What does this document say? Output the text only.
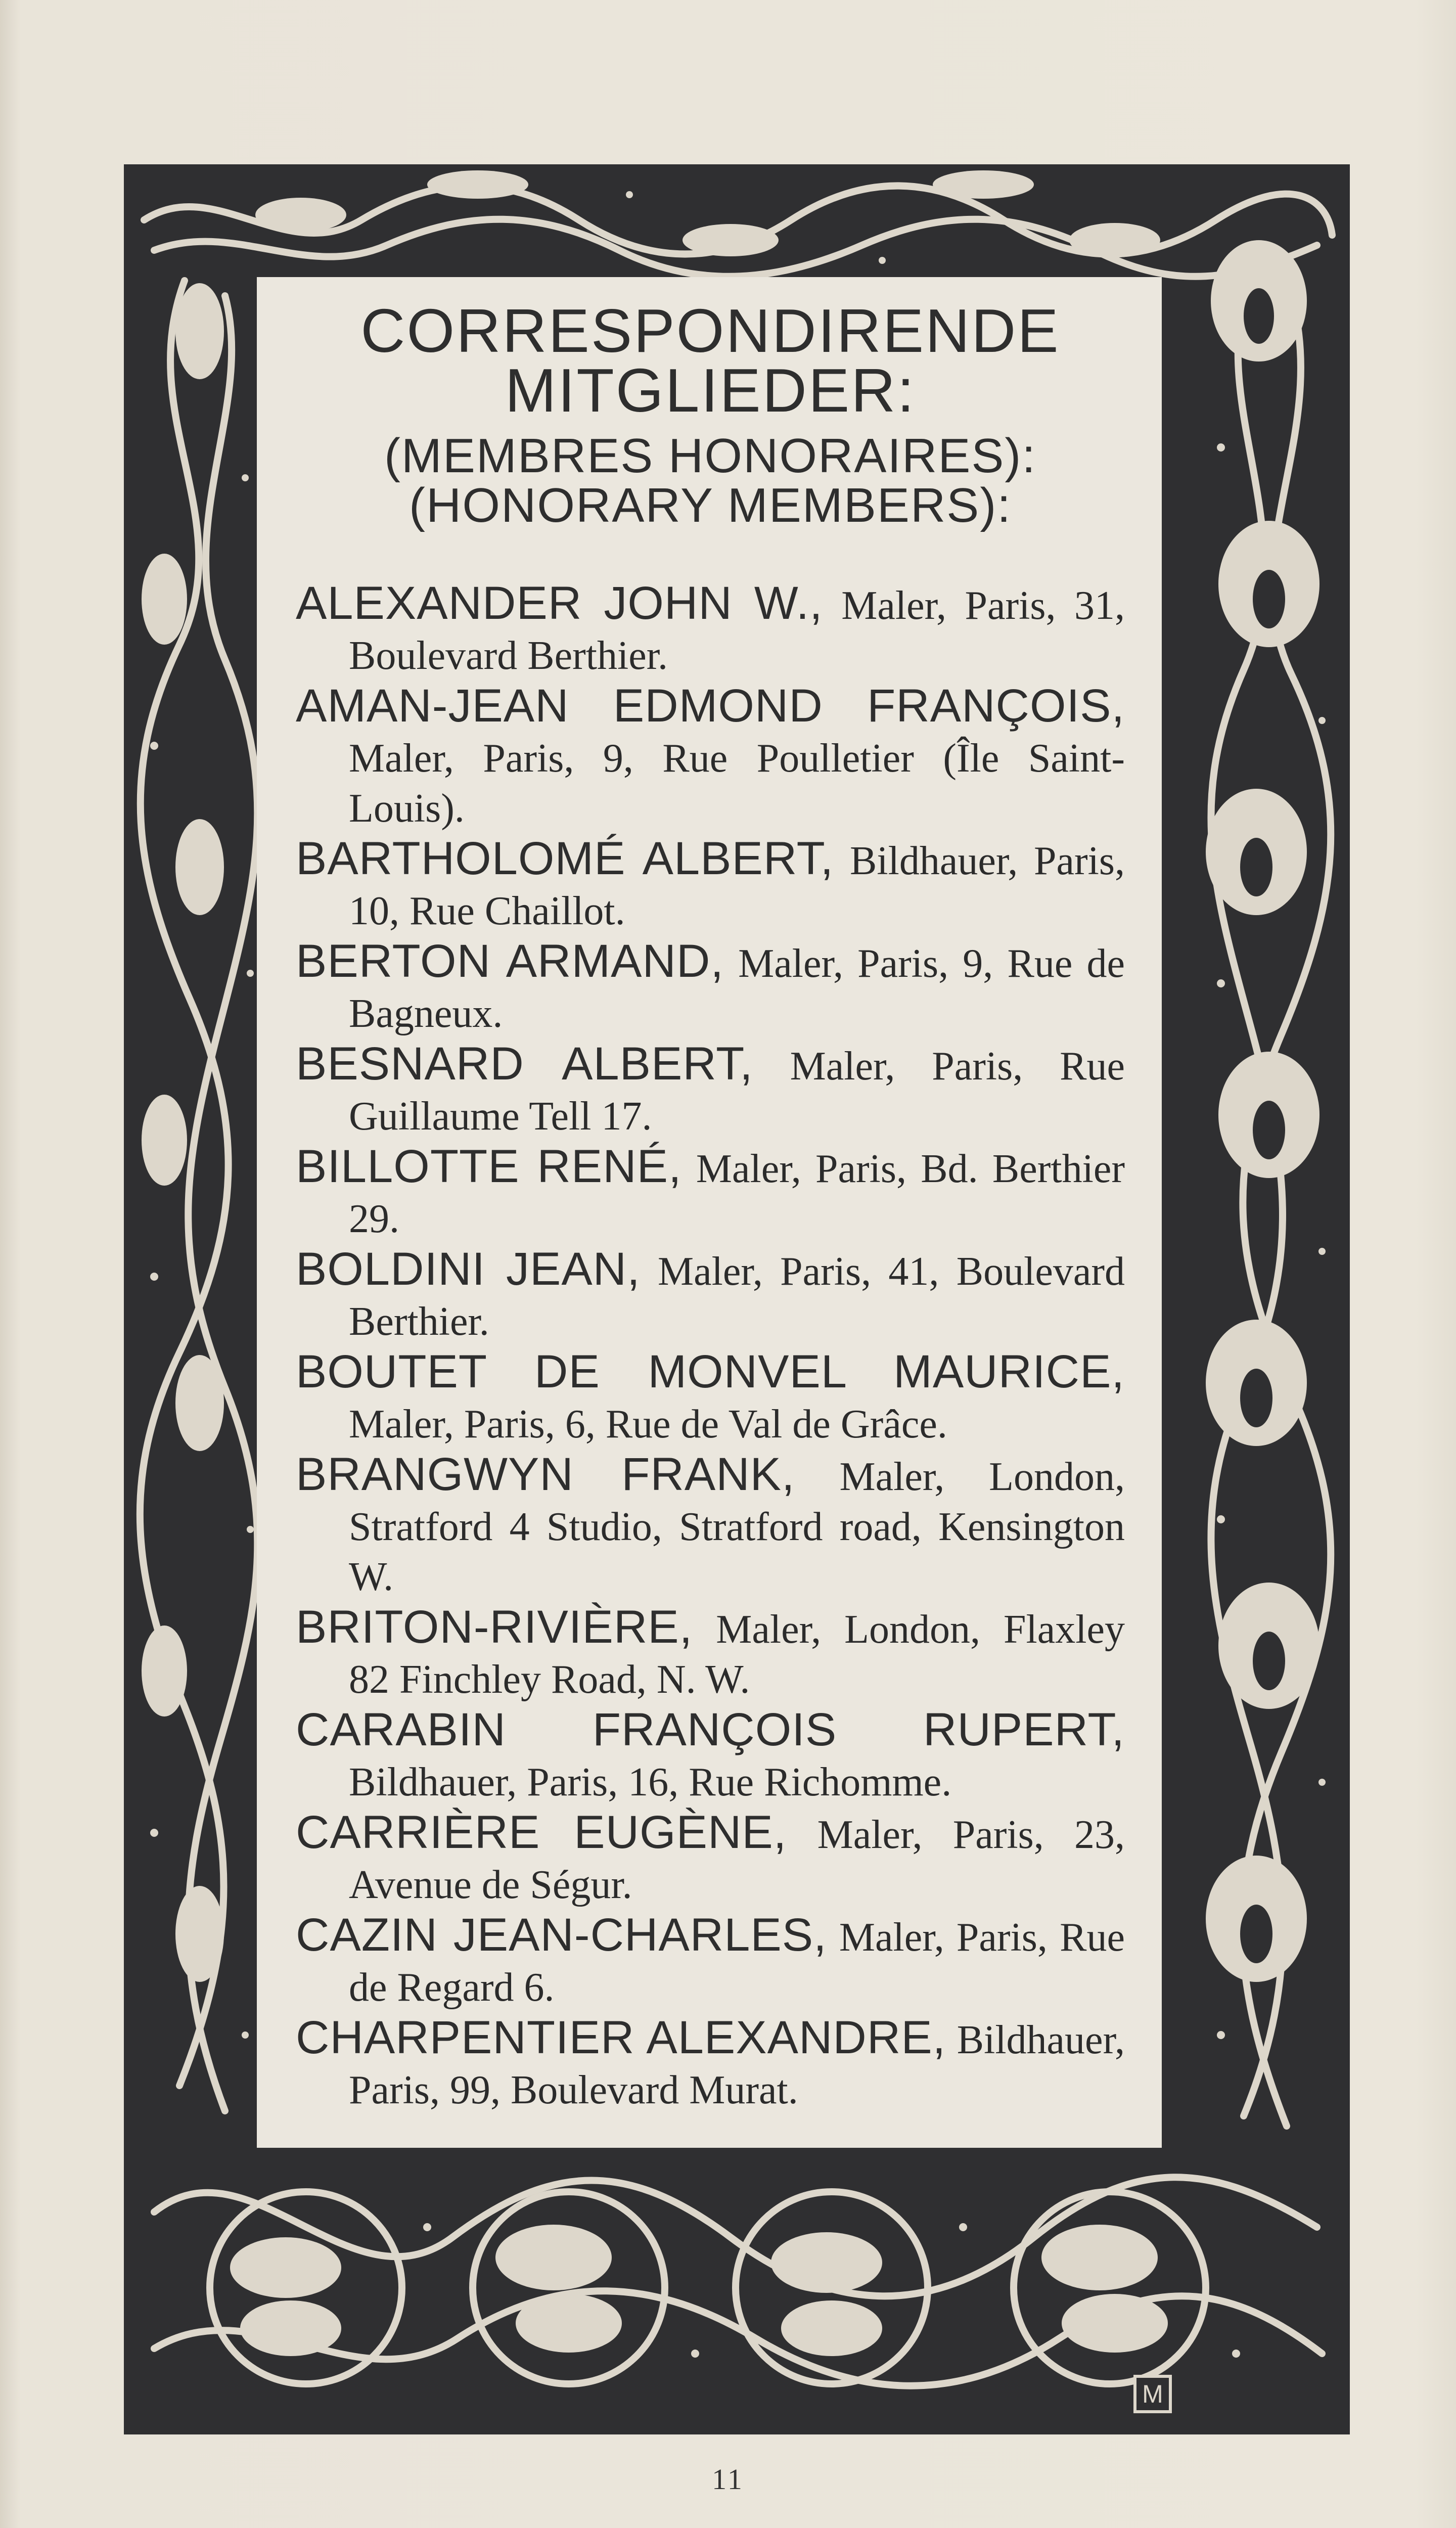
M
CORRESPONDIRENDE
MITGLIEDER:
(MEMBRES HONORAIRES):
(HONORARY MEMBERS):
ALEXANDER JOHN W., Maler, Paris, 31, Boulevard Berthier.
AMAN-JEAN EDMOND FRANÇOIS, Maler, Paris, 9, Rue Poulletier (Île Saint-Louis).
BARTHOLOMÉ ALBERT, Bildhauer, Paris, 10, Rue Chaillot.
BERTON ARMAND, Maler, Paris, 9, Rue de Bagneux.
BESNARD ALBERT, Maler, Paris, Rue Guillaume Tell 17.
BILLOTTE RENÉ, Maler, Paris, Bd. Berthier 29.
BOLDINI JEAN, Maler, Paris, 41, Boulevard Berthier.
BOUTET DE MONVEL MAURICE, Maler, Paris, 6, Rue de Val de Grâce.
BRANGWYN FRANK, Maler, London, Stratford 4 Studio, Stratford road, Kensington W.
BRITON-RIVIÈRE, Maler, London, Flaxley 82 Finchley Road, N. W.
CARABIN FRANÇOIS RUPERT, Bildhauer, Paris, 16, Rue Richomme.
CARRIÈRE EUGÈNE, Maler, Paris, 23, Avenue de Ségur.
CAZIN JEAN-CHARLES, Maler, Paris, Rue de Regard 6.
CHARPENTIER ALEXANDRE, Bildhauer, Paris, 99, Boulevard Murat.
11
